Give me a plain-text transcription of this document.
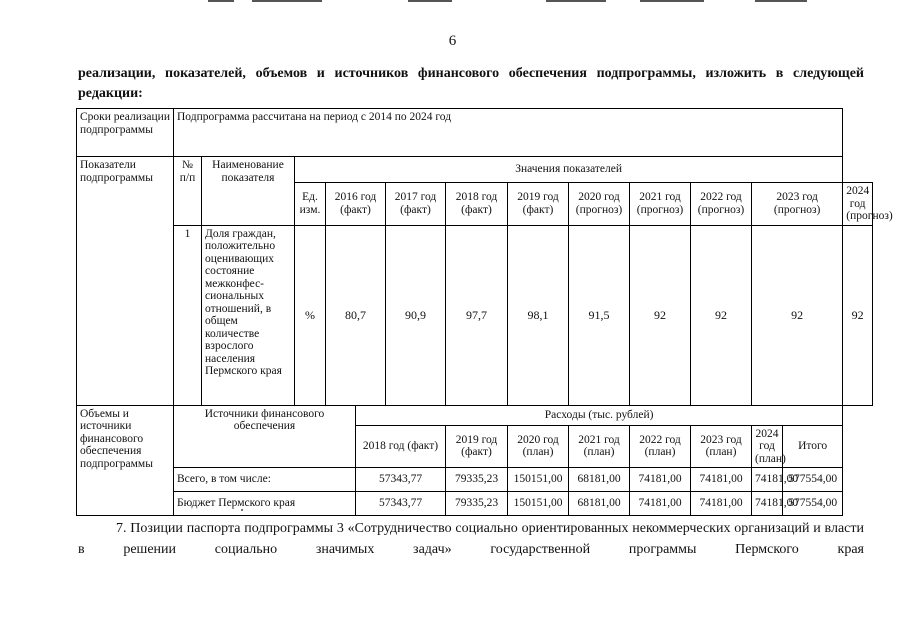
6
реализации, показателей, объемов и источников финансового обеспечения подпрограммы, изложить в следующей редакции:
Сроки реализации подпрограммы	Подпрограмма рассчитана на период с 2014 по 2024 год													
Показатели подпрограммы	№ п/п	Наименование показателя	Значения показателей											
			Ед. изм.	2016 год (факт)		2017 год (факт)	2018 год (факт)	2019 год (факт)	2020 год (прогноз)	2021 год (прогноз)	2022 год (прогноз)	2023 год (прогноз)		2024 год (прогноз)
	1	Доля граждан, положительно оценивающих состояние межконфес-сиональных отношений, в общем количестве взрослого населения Пермского края	%	80,7		90,9	97,7	98,1	91,5	92	92	92		92
Объемы и источники финансового обеспечения подпрограммы	Источники финансового обеспечения				Расходы (тыс. рублей)									
					2018 год (факт)		2019 год (факт)	2020 год (план)	2021 год (план)	2022 год (план)	2023 год (план)	2024 год (план)	Итого	
	Всего, в том числе:				57343,77		79335,23	150151,00	68181,00	74181,00	74181,00	74181,00	577554,00	
	Бюджет Пермского края				57343,77		79335,23	150151,00	68181,00	74181,00	74181,00	74181,00	577554,00	
7. Позиции паспорта подпрограммы 3 «Сотрудничество социально ориентированных некоммерческих организаций и власти в решении социально значимых задач» государственной программы Пермского края
